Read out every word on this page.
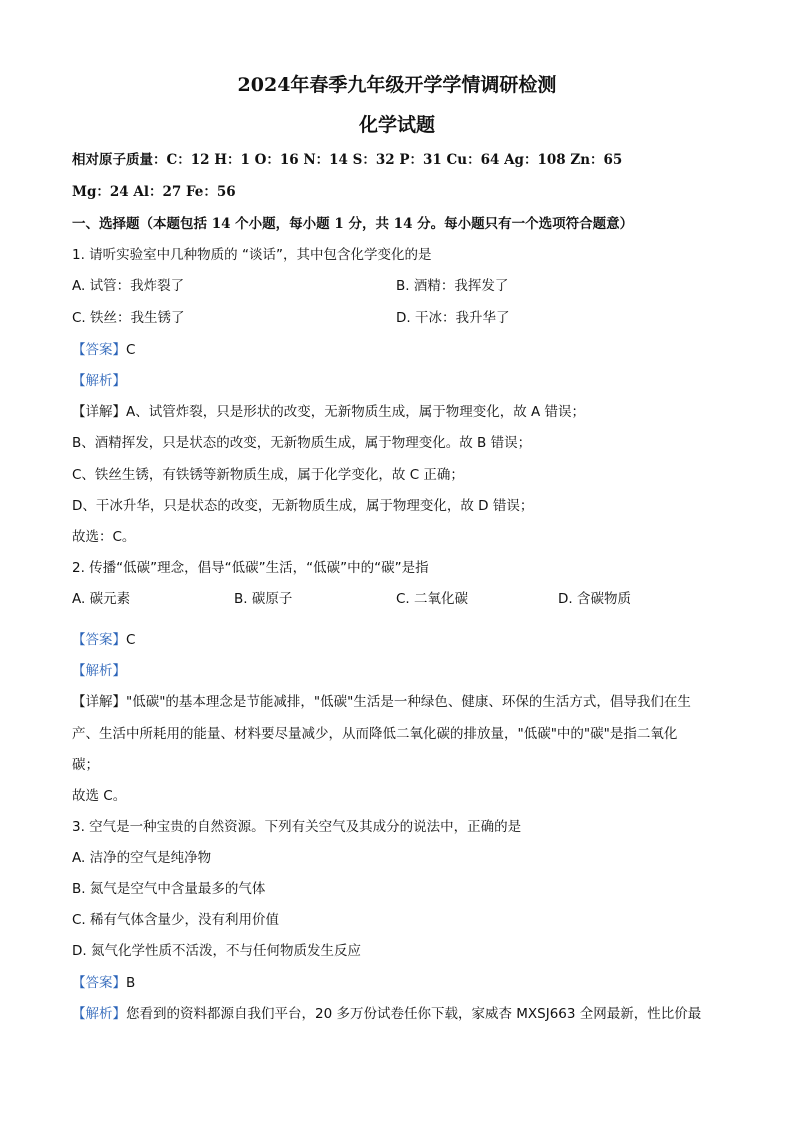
2024年春季九年级开学学情调研检测
化学试题
相对原子质量：C：12 H：1 O：16 N：14 S：32 P：31 Cu：64 Ag：108 Zn：65
Mg：24 Al：27 Fe：56
一、选择题（本题包括 14 个小题，每小题 1 分，共 14 分。每小题只有一个选项符合题意）
1. 请听实验室中几种物质的 “谈话”，其中包含化学变化的是
A. 试管：我炸裂了	B. 酒精：我挥发了
C. 铁丝：我生锈了	D. 干冰：我升华了
【答案】C
【解析】
【详解】A、试管炸裂，只是形状的改变，无新物质生成，属于物理变化，故 A 错误；
B、酒精挥发，只是状态的改变，无新物质生成，属于物理变化。故 B 错误；
C、铁丝生锈，有铁锈等新物质生成，属于化学变化，故 C 正确；
D、干冰升华，只是状态的改变，无新物质生成，属于物理变化，故 D 错误；
故选：C。
2. 传播“低碳”理念，倡导“低碳”生活，“低碳”中的“碳”是指
A. 碳元素	B. 碳原子	C. 二氧化碳	D. 含碳物质
【答案】C
【解析】
【详解】"低碳"的基本理念是节能减排，"低碳"生活是一种绿色、健康、环保的生活方式，倡导我们在生
产、生活中所耗用的能量、材料要尽量减少，从而降低二氧化碳的排放量，"低碳"中的"碳"是指二氧化
碳；
故选 C。
3. 空气是一种宝贵的自然资源。下列有关空气及其成分的说法中，正确的是
A. 洁净的空气是纯净物
B. 氮气是空气中含量最多的气体
C. 稀有气体含量少，没有利用价值
D. 氮气化学性质不活泼，不与任何物质发生反应
【答案】B
【解析】您看到的资料都源自我们平台，20 多万份试卷任你下载，家威杏 MXSJ663 全网最新，性比价最
